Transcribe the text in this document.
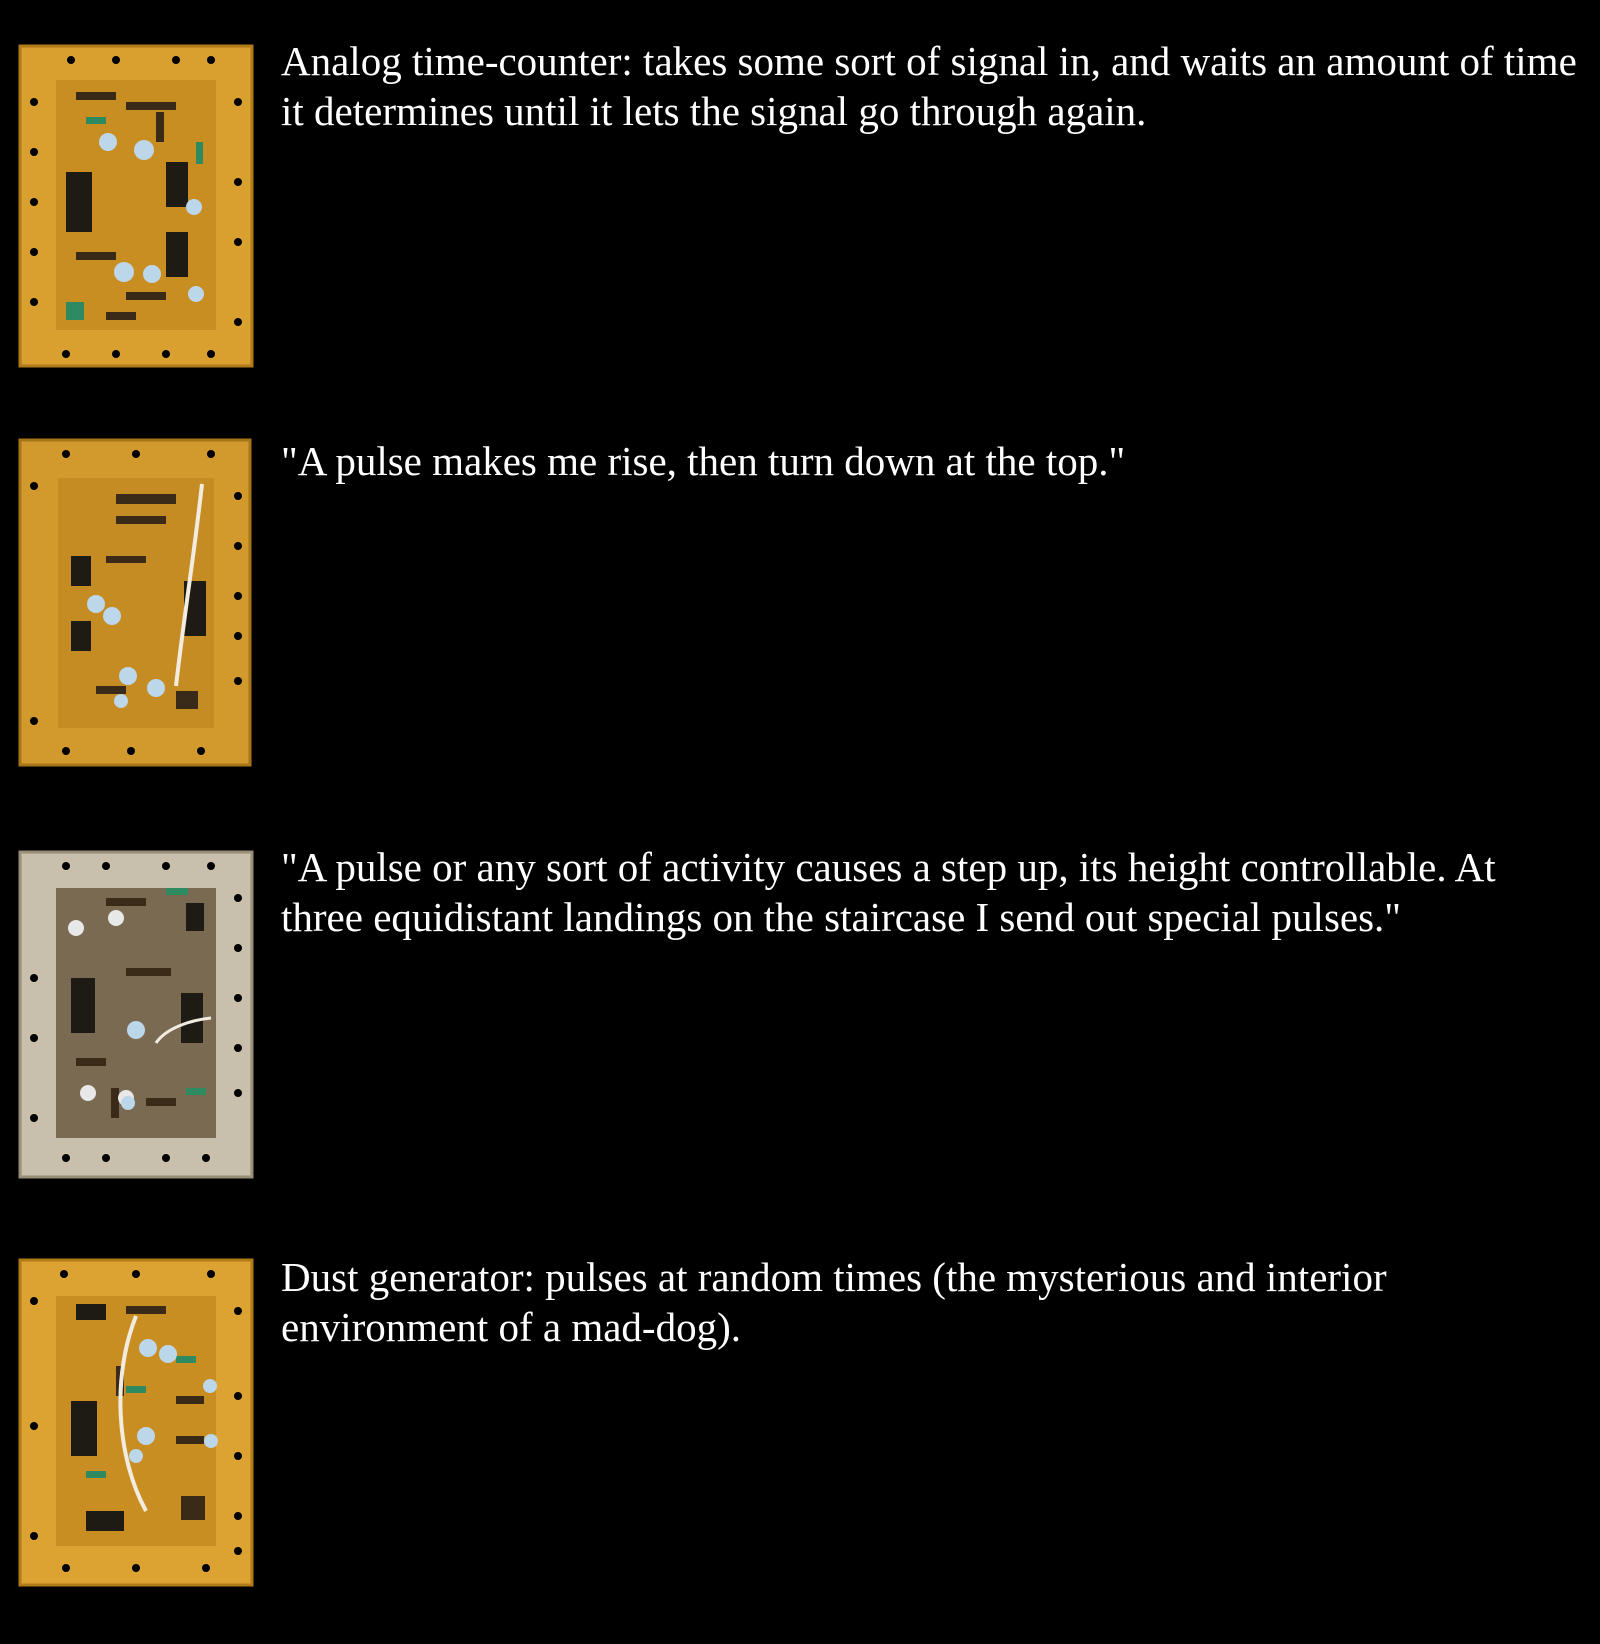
Analog time-counter: takes some sort of signal in, and waits an amount of time it determines until it lets the signal go through again.

"A pulse makes me rise, then turn down at the top."

"A pulse or any sort of activity causes a step up, its height controllable. At three equidistant landings on the staircase I send out special pulses."

Dust generator: pulses at random times (the mysterious and interior environment of a mad-dog).
